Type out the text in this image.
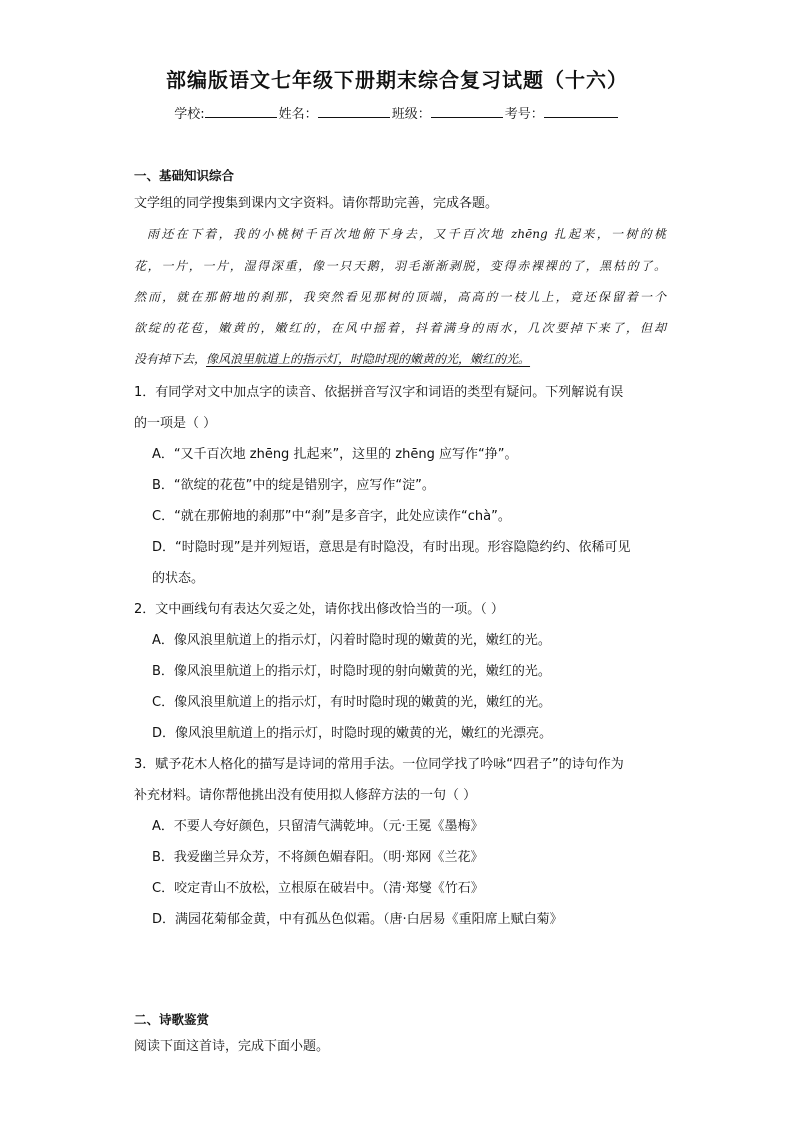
部编版语文七年级下册期末综合复习试题（十六）
学校:	姓名：	班级：	考号：
一、基础知识综合
文学组的同学搜集到课内文字资料。请你帮助完善，完成各题。
雨还在下着，我的小桃树千百次地俯下身去，又千百次地 zhēng 扎起来，一树的桃
花，一片，一片，湿得深重，像一只天鹅，羽毛渐渐剥脱，变得赤裸裸的了，黑枯的了。
然而，就在那俯地的刹那，我突然看见那树的顶端，高高的一枝儿上，竟还保留着一个
欲绽的花苞，嫩黄的，嫩红的，在风中摇着，抖着满身的雨水，几次要掉下来了，但却
没有掉下去，像风浪里航道上的指示灯，时隐时现的嫩黄的光，嫩红的光。
1．有同学对文中加点字的读音、依据拼音写汉字和词语的类型有疑问。下列解说有误
的一项是（ ）
A．“又千百次地 zhēng 扎起来”，这里的 zhēng 应写作“挣”。
B．“欲绽的花苞”中的绽是错别字，应写作“淀”。
C．“就在那俯地的刹那”中“刹”是多音字，此处应读作“chà”。
D．“时隐时现”是并列短语，意思是有时隐没，有时出现。形容隐隐约约、依稀可见
的状态。
2．文中画线句有表达欠妥之处，请你找出修改恰当的一项。（ ）
A．像风浪里航道上的指示灯，闪着时隐时现的嫩黄的光，嫩红的光。
B．像风浪里航道上的指示灯，时隐时现的射向嫩黄的光，嫩红的光。
C．像风浪里航道上的指示灯，有时时隐时现的嫩黄的光，嫩红的光。
D．像风浪里航道上的指示灯，时隐时现的嫩黄的光，嫩红的光漂亮。
3．赋予花木人格化的描写是诗词的常用手法。一位同学找了吟咏“四君子”的诗句作为
补充材料。请你帮他挑出没有使用拟人修辞方法的一句（ ）
A．不要人夸好颜色，只留清气满乾坤。（元·王冕《墨梅》
B．我爱幽兰异众芳，不将颜色媚春阳。（明·郑网《兰花》
C．咬定青山不放松，立根原在破岩中。（清·郑燮《竹石》
D．满园花菊郁金黄，中有孤丛色似霜。（唐·白居易《重阳席上赋白菊》
二、诗歌鉴赏
阅读下面这首诗，完成下面小题。
